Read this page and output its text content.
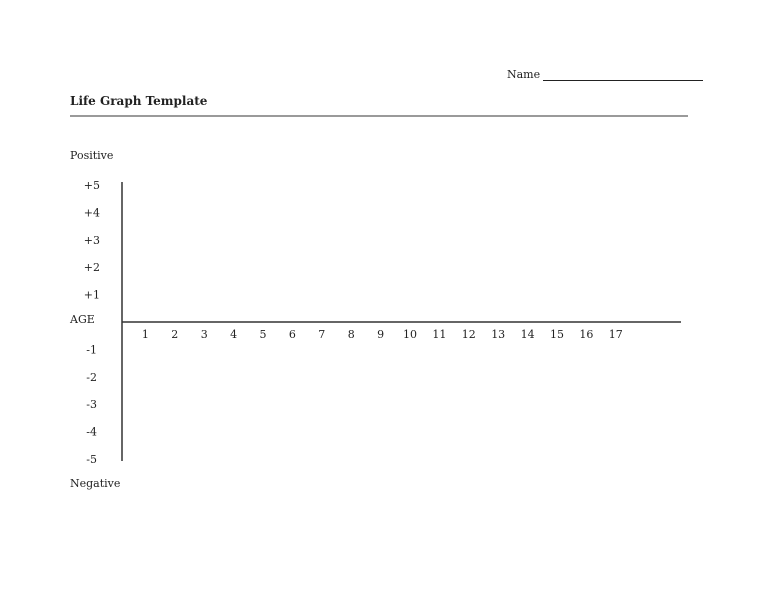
Name
Life Graph Template
Positive
AGE
Negative
+5
+4
+3
+2
+1
-1
-2
-3
-4
-5
1 2 3 4 5 6 7 8 9 10 11 12 13 14 15 16 17
